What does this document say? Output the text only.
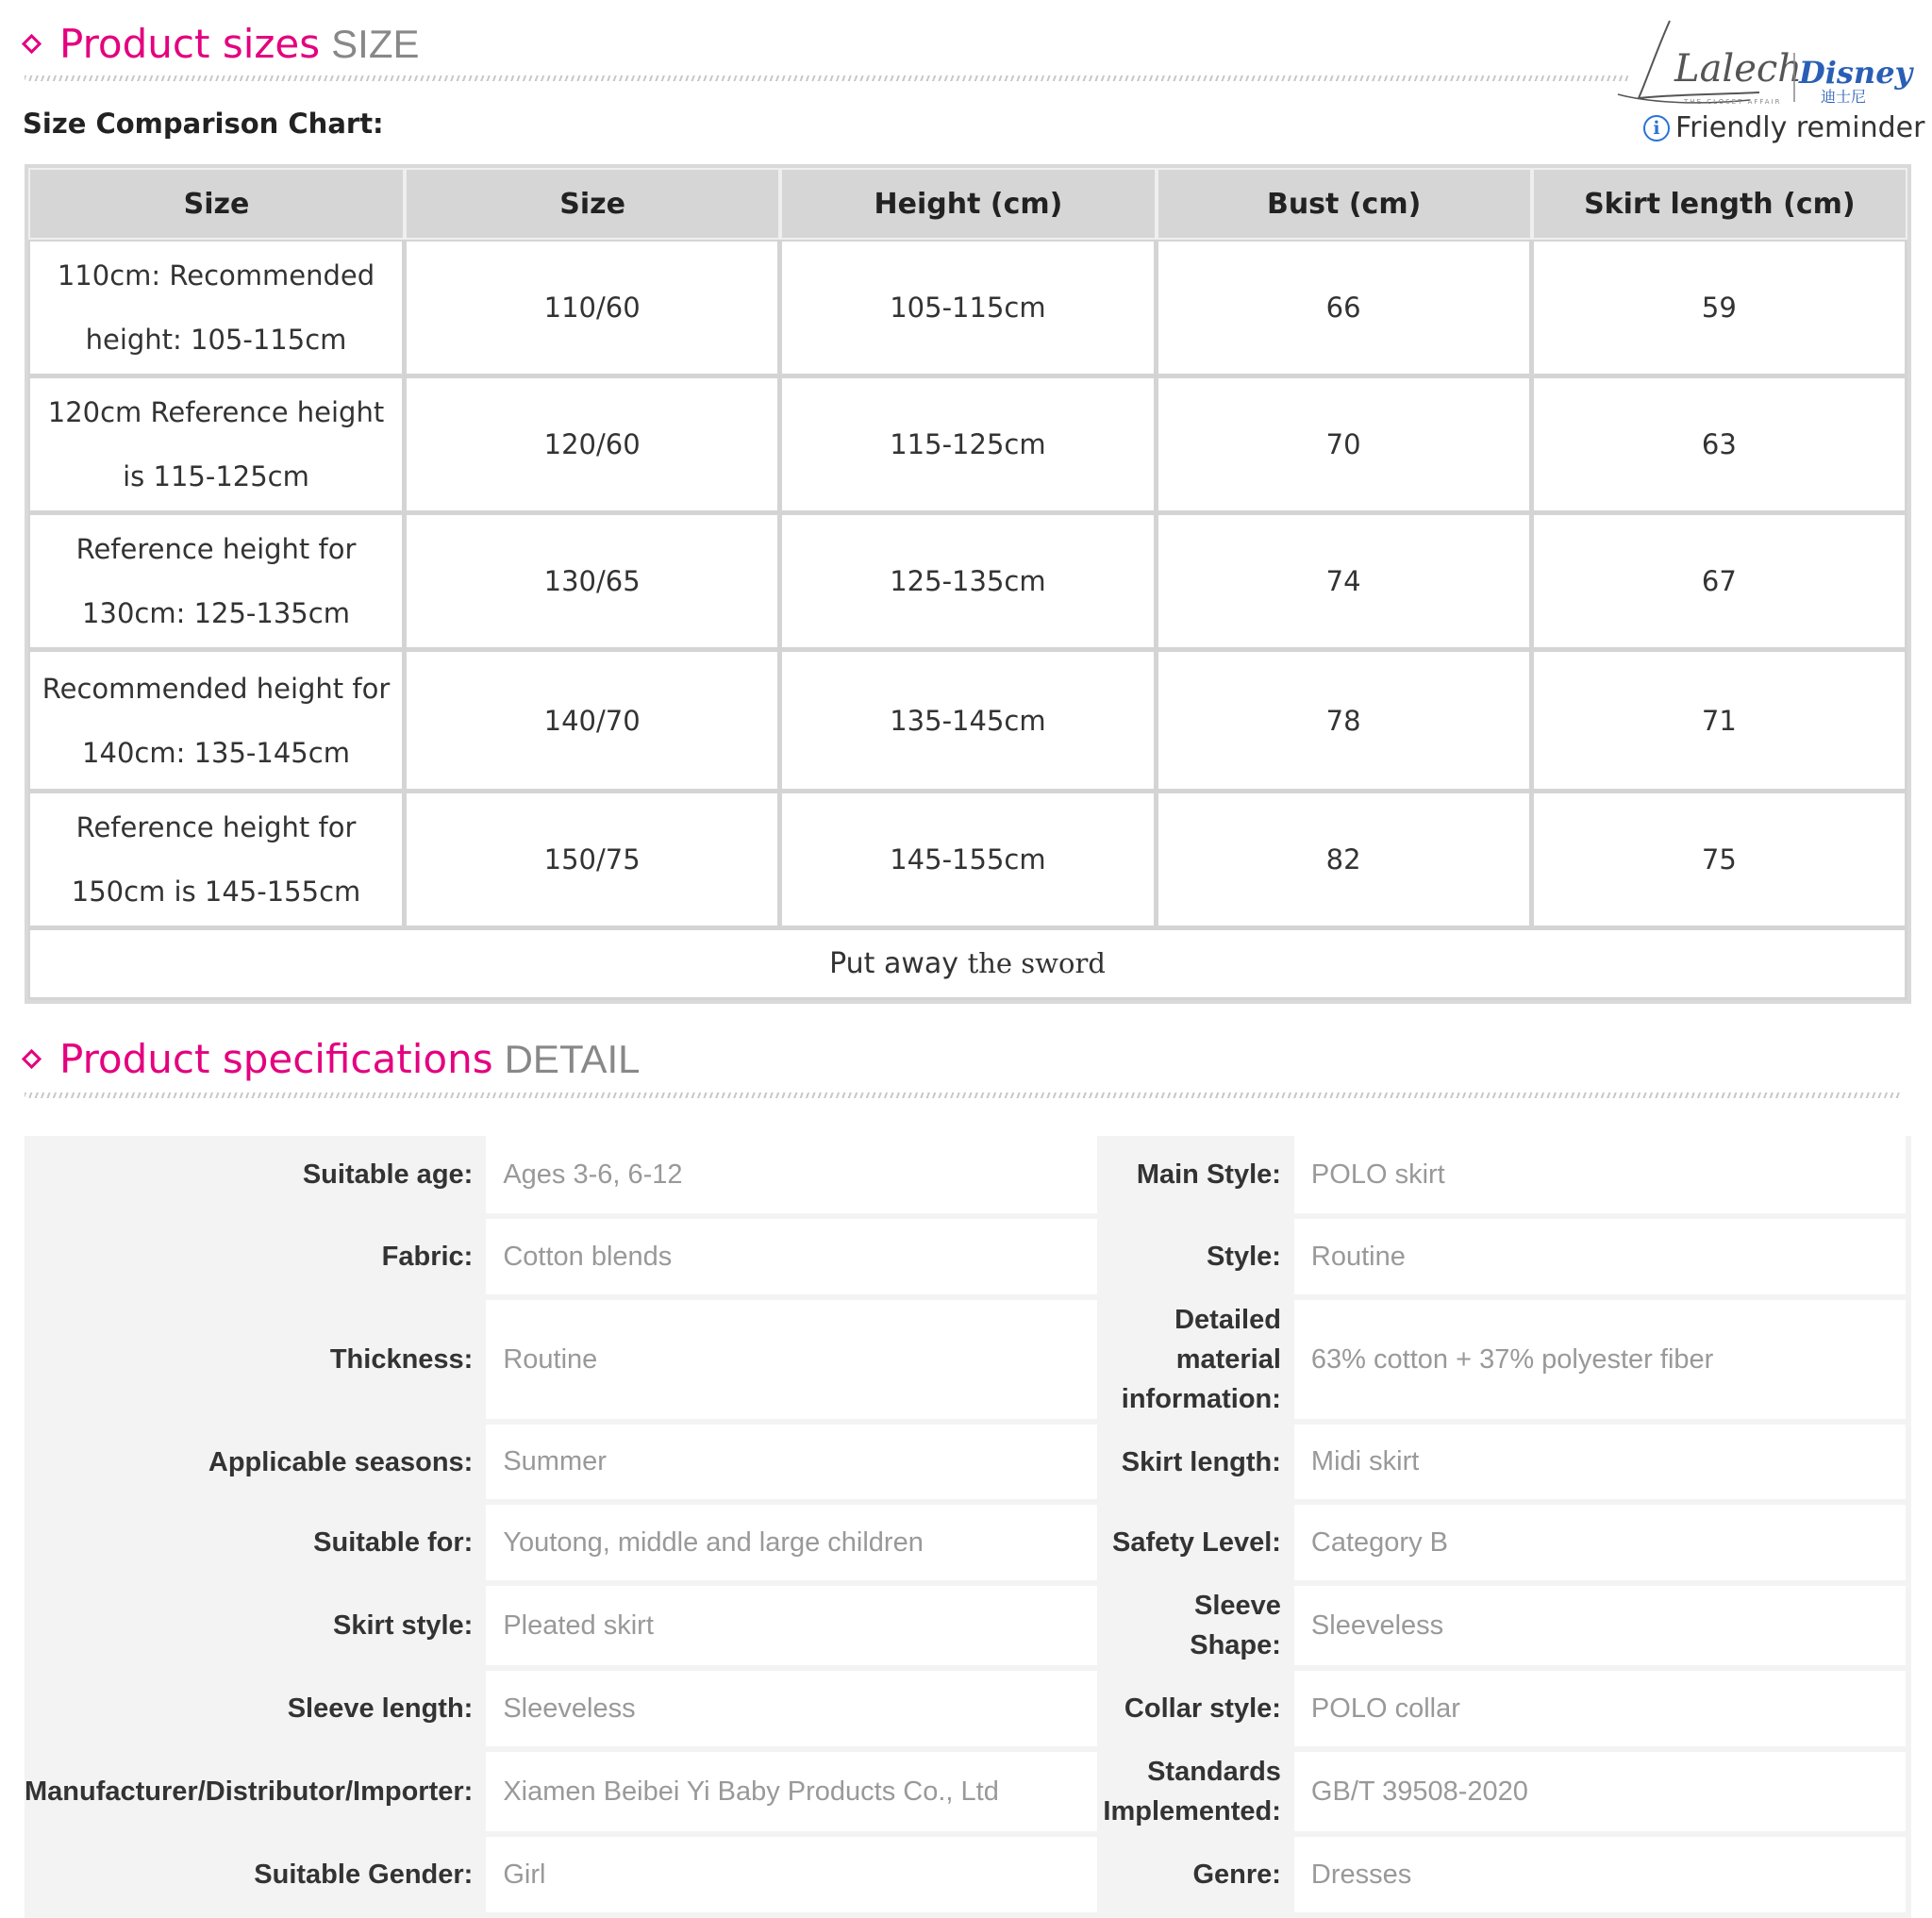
Product sizes SIZE
Size Comparison Chart:
Lalech
THE CLOSET AFFAIR
Disney
迪士尼
i Friendly reminder
Size	Size	Height (cm)	Bust (cm)	Skirt length (cm)
110cm: Recommended height: 105-115cm	110/60	105-115cm	66	59
120cm Reference height is 115-125cm	120/60	115-125cm	70	63
Reference height for 130cm: 125-135cm	130/65	125-135cm	74	67
Recommended height for 140cm: 135-145cm	140/70	135-145cm	78	71
Reference height for 150cm is 145-155cm	150/75	145-155cm	82	75
Put away the sword				
Product specifications DETAIL
Suitable age:	Ages 3-6, 6-12	Main Style:	POLO skirt
Fabric:	Cotton blends	Style:	Routine
Thickness:	Routine	Detailed material information:	63% cotton + 37% polyester fiber
Applicable seasons:	Summer	Skirt length:	Midi skirt
Suitable for:	Youtong, middle and large children	Safety Level:	Category B
Skirt style:	Pleated skirt	Sleeve Shape:	Sleeveless
Sleeve length:	Sleeveless	Collar style:	POLO collar
Manufacturer/Distributor/Importer:	Xiamen Beibei Yi Baby Products Co., Ltd	Standards Implemented:	GB/T 39508-2020
Suitable Gender:	Girl	Genre:	Dresses
